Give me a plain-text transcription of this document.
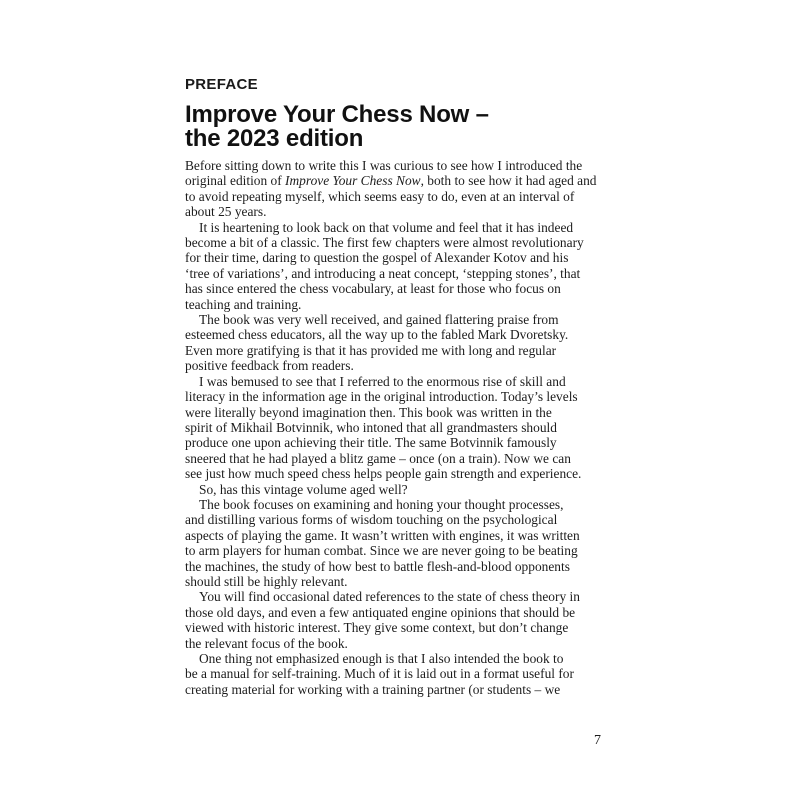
PREFACE
Improve Your Chess Now –
the 2023 edition

Before sitting down to write this I was curious to see how I introduced the
original edition of Improve Your Chess Now, both to see how it had aged and
to avoid repeating myself, which seems easy to do, even at an interval of
about 25 years.

It is heartening to look back on that volume and feel that it has indeed
become a bit of a classic. The first few chapters were almost revolutionary
for their time, daring to question the gospel of Alexander Kotov and his
‘tree of variations’, and introducing a neat concept, ‘stepping stones’, that
has since entered the chess vocabulary, at least for those who focus on
teaching and training.

The book was very well received, and gained flattering praise from
esteemed chess educators, all the way up to the fabled Mark Dvoretsky.
Even more gratifying is that it has provided me with long and regular
positive feedback from readers.

I was bemused to see that I referred to the enormous rise of skill and
literacy in the information age in the original introduction. Today’s levels
were literally beyond imagination then. This book was written in the
spirit of Mikhail Botvinnik, who intoned that all grandmasters should
produce one upon achieving their title. The same Botvinnik famously
sneered that he had played a blitz game – once (on a train). Now we can
see just how much speed chess helps people gain strength and experience.

So, has this vintage volume aged well?

The book focuses on examining and honing your thought processes,
and distilling various forms of wisdom touching on the psychological
aspects of playing the game. It wasn’t written with engines, it was written
to arm players for human combat. Since we are never going to be beating
the machines, the study of how best to battle flesh-and-blood opponents
should still be highly relevant.

You will find occasional dated references to the state of chess theory in
those old days, and even a few antiquated engine opinions that should be
viewed with historic interest. They give some context, but don’t change
the relevant focus of the book.

One thing not emphasized enough is that I also intended the book to
be a manual for self-training. Much of it is laid out in a format useful for
creating material for working with a training partner (or students – we

7
